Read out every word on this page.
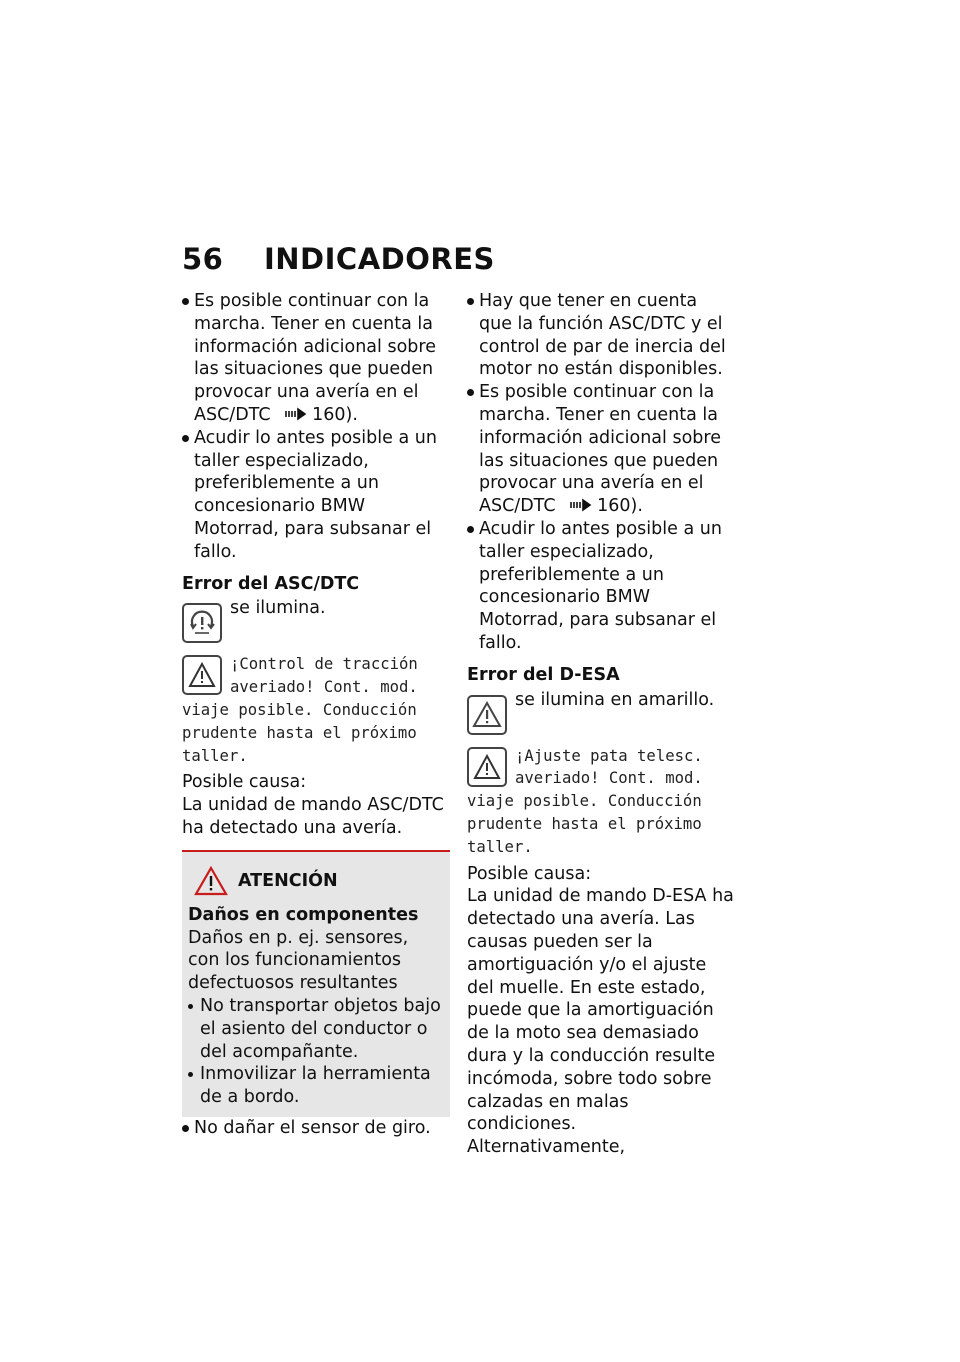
56 INDICADORES
Es posible continuar con la marcha. Tener en cuenta la información adicional sobre las situaciones que pueden provocar una avería en el ASC/DTC 160).
Acudir lo antes posible a un taller especializado, preferiblemente a un concesionario BMW Motorrad, para subsanar el fallo.
Error del ASC/DTC
se ilumina.
¡Control de tracción averiado! Cont. mod. viaje posible. Conducción prudente hasta el próximo taller.

Posible causa:

La unidad de mando ASC/DTC ha detectado una avería.

ATENCIÓN
Daños en componentes

Daños en p. ej. sensores, con los funcionamientos defectuosos resultantes

No transportar objetos bajo el asiento del conductor o del acompañante.
Inmovilizar la herramienta de a bordo.
No dañar el sensor de giro.
Hay que tener en cuenta que la función ASC/DTC y el control de par de inercia del motor no están disponibles.
Es posible continuar con la marcha. Tener en cuenta la información adicional sobre las situaciones que pueden provocar una avería en el ASC/DTC 160).
Acudir lo antes posible a un taller especializado, preferiblemente a un concesionario BMW Motorrad, para subsanar el fallo.
Error del D-ESA
se ilumina en amarillo.
¡Ajuste pata telesc. averiado! Cont. mod. viaje posible. Conducción prudente hasta el próximo taller.

Posible causa:

La unidad de mando D-ESA ha detectado una avería. Las causas pueden ser la amortiguación y/o el ajuste del muelle. En este estado, puede que la amortiguación de la moto sea demasiado dura y la conducción resulte incómoda, sobre todo sobre calzadas en malas condiciones. Alternativamente,
